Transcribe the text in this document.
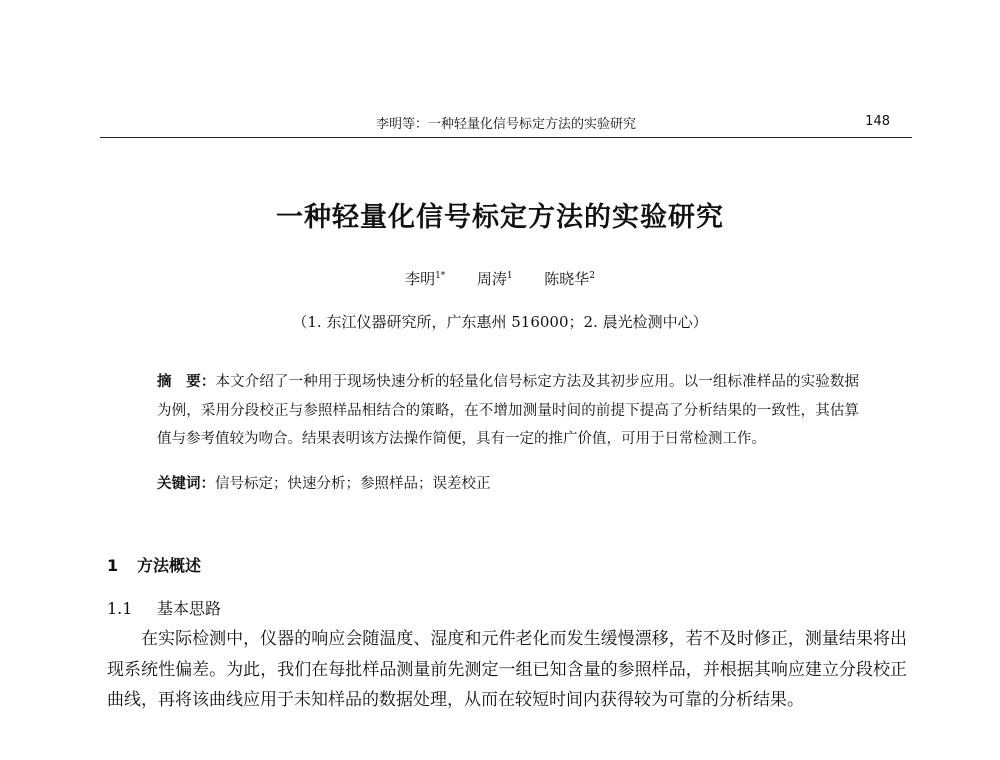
李明等：一种轻量化信号标定方法的实验研究	148
一种轻量化信号标定方法的实验研究
李明$^{1*}$ 周涛$^1$ 陈晓华$^2$
（1. 东江仪器研究所，广东惠州 516000；2. 晨光检测中心）
摘　要：本文介绍了一种用于现场快速分析的轻量化信号标定方法及其初步应用。以一组标准样品的实验数据为例，采用分段校正与参照样品相结合的策略，在不增加测量时间的前提下提高了分析结果的一致性，其估算值与参考值较为吻合。结果表明该方法操作简便，具有一定的推广价值，可用于日常检测工作。
关键词：信号标定；快速分析；参照样品；误差校正
1 方法概述
1.1 基本思路
在实际检测中，仪器的响应会随温度、湿度和元件老化而发生缓慢漂移，若不及时修正，测量结果将出现系统性偏差。为此，我们在每批样品测量前先测定一组已知含量的参照样品，并根据其响应建立分段校正曲线，再将该曲线应用于未知样品的数据处理，从而在较短时间内获得较为可靠的分析结果。
